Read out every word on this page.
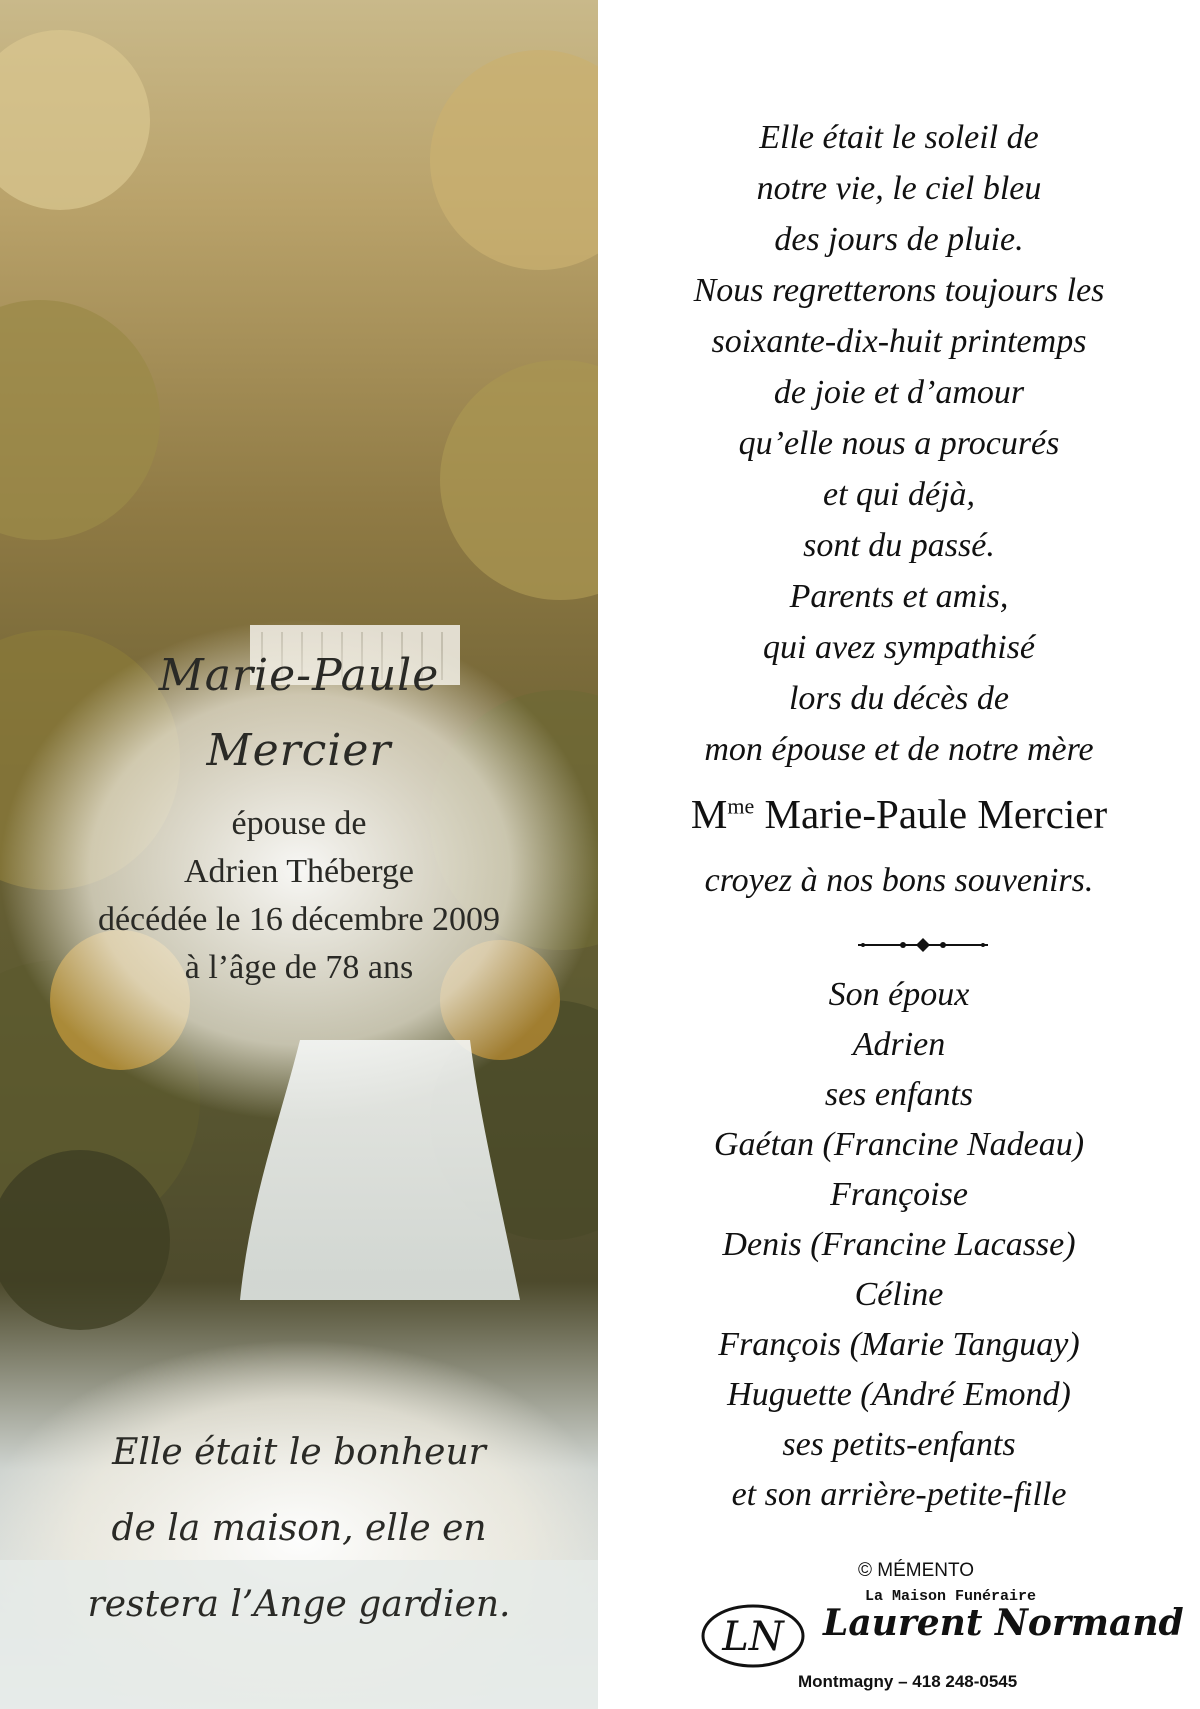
Marie-Paule
Mercier
épouse de
Adrien Théberge
décédée le 16 décembre 2009
à l’âge de 78 ans
Elle était le bonheur
de la maison, elle en
restera l’Ange gardien.
Elle était le soleil de
notre vie, le ciel bleu
des jours de pluie.
Nous regretterons toujours les
soixante-dix-huit printemps
de joie et d’amour
qu’elle nous a procurés
et qui déjà,
sont du passé.
Parents et amis,
qui avez sympathisé
lors du décès de
mon épouse et de notre mère
$M^{me}$ Marie-Paule Mercier
croyez à nos bons souvenirs.
Son époux
Adrien
ses enfants
Gaétan (Francine Nadeau)
Françoise
Denis (Francine Lacasse)
Céline
François (Marie Tanguay)
Huguette (André Emond)
ses petits-enfants
et son arrière-petite-fille
© MÉMENTO
La Maison Funéraire
LN Laurent Normand
Montmagny – 418 248-0545
